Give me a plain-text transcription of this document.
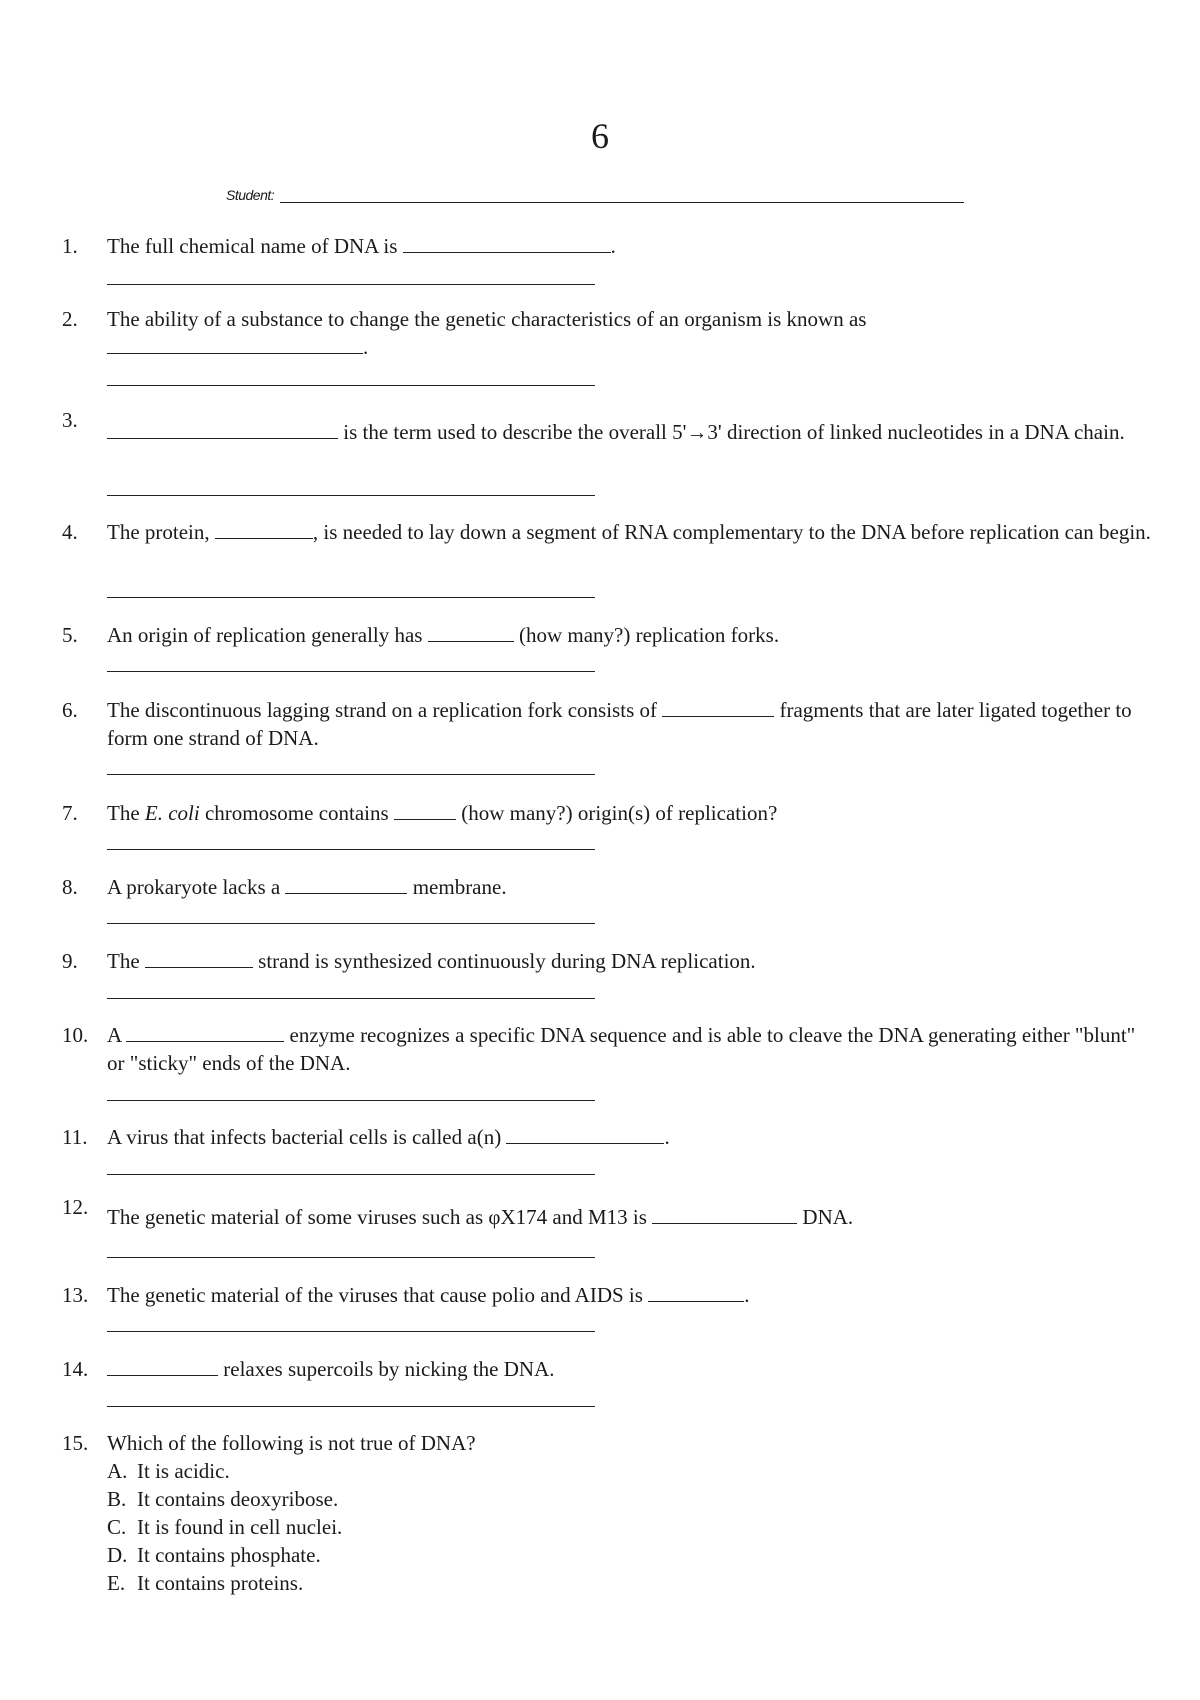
6
Student:
1. The full chemical name of DNA is	.
2. The ability of a substance to change the genetic characteristics of an organism is known as
.
3.	is the term used to describe the overall 5'→3' direction of linked nucleotides in a DNA chain.
4. The protein,	, is needed to lay down a segment of RNA complementary to the DNA before replication can begin.
5. An origin of replication generally has	(how many?) replication forks.
6. The discontinuous lagging strand on a replication fork consists of	fragments that are later ligated together to form one strand of DNA.
7. The E. coli chromosome contains	(how many?) origin(s) of replication?
8. A prokaryote lacks a	membrane.
9. The	strand is synthesized continuously during DNA replication.
10. A	enzyme recognizes a specific DNA sequence and is able to cleave the DNA generating either "blunt" or "sticky" ends of the DNA.
11. A virus that infects bacterial cells is called a(n)	.
12. The genetic material of some viruses such as φX174 and M13 is	DNA.
13. The genetic material of the viruses that cause polio and AIDS is	.
14.	relaxes supercoils by nicking the DNA.
15. Which of the following is not true of DNA?
A. It is acidic.
B. It contains deoxyribose.
C. It is found in cell nuclei.
D. It contains phosphate.
E. It contains proteins.
